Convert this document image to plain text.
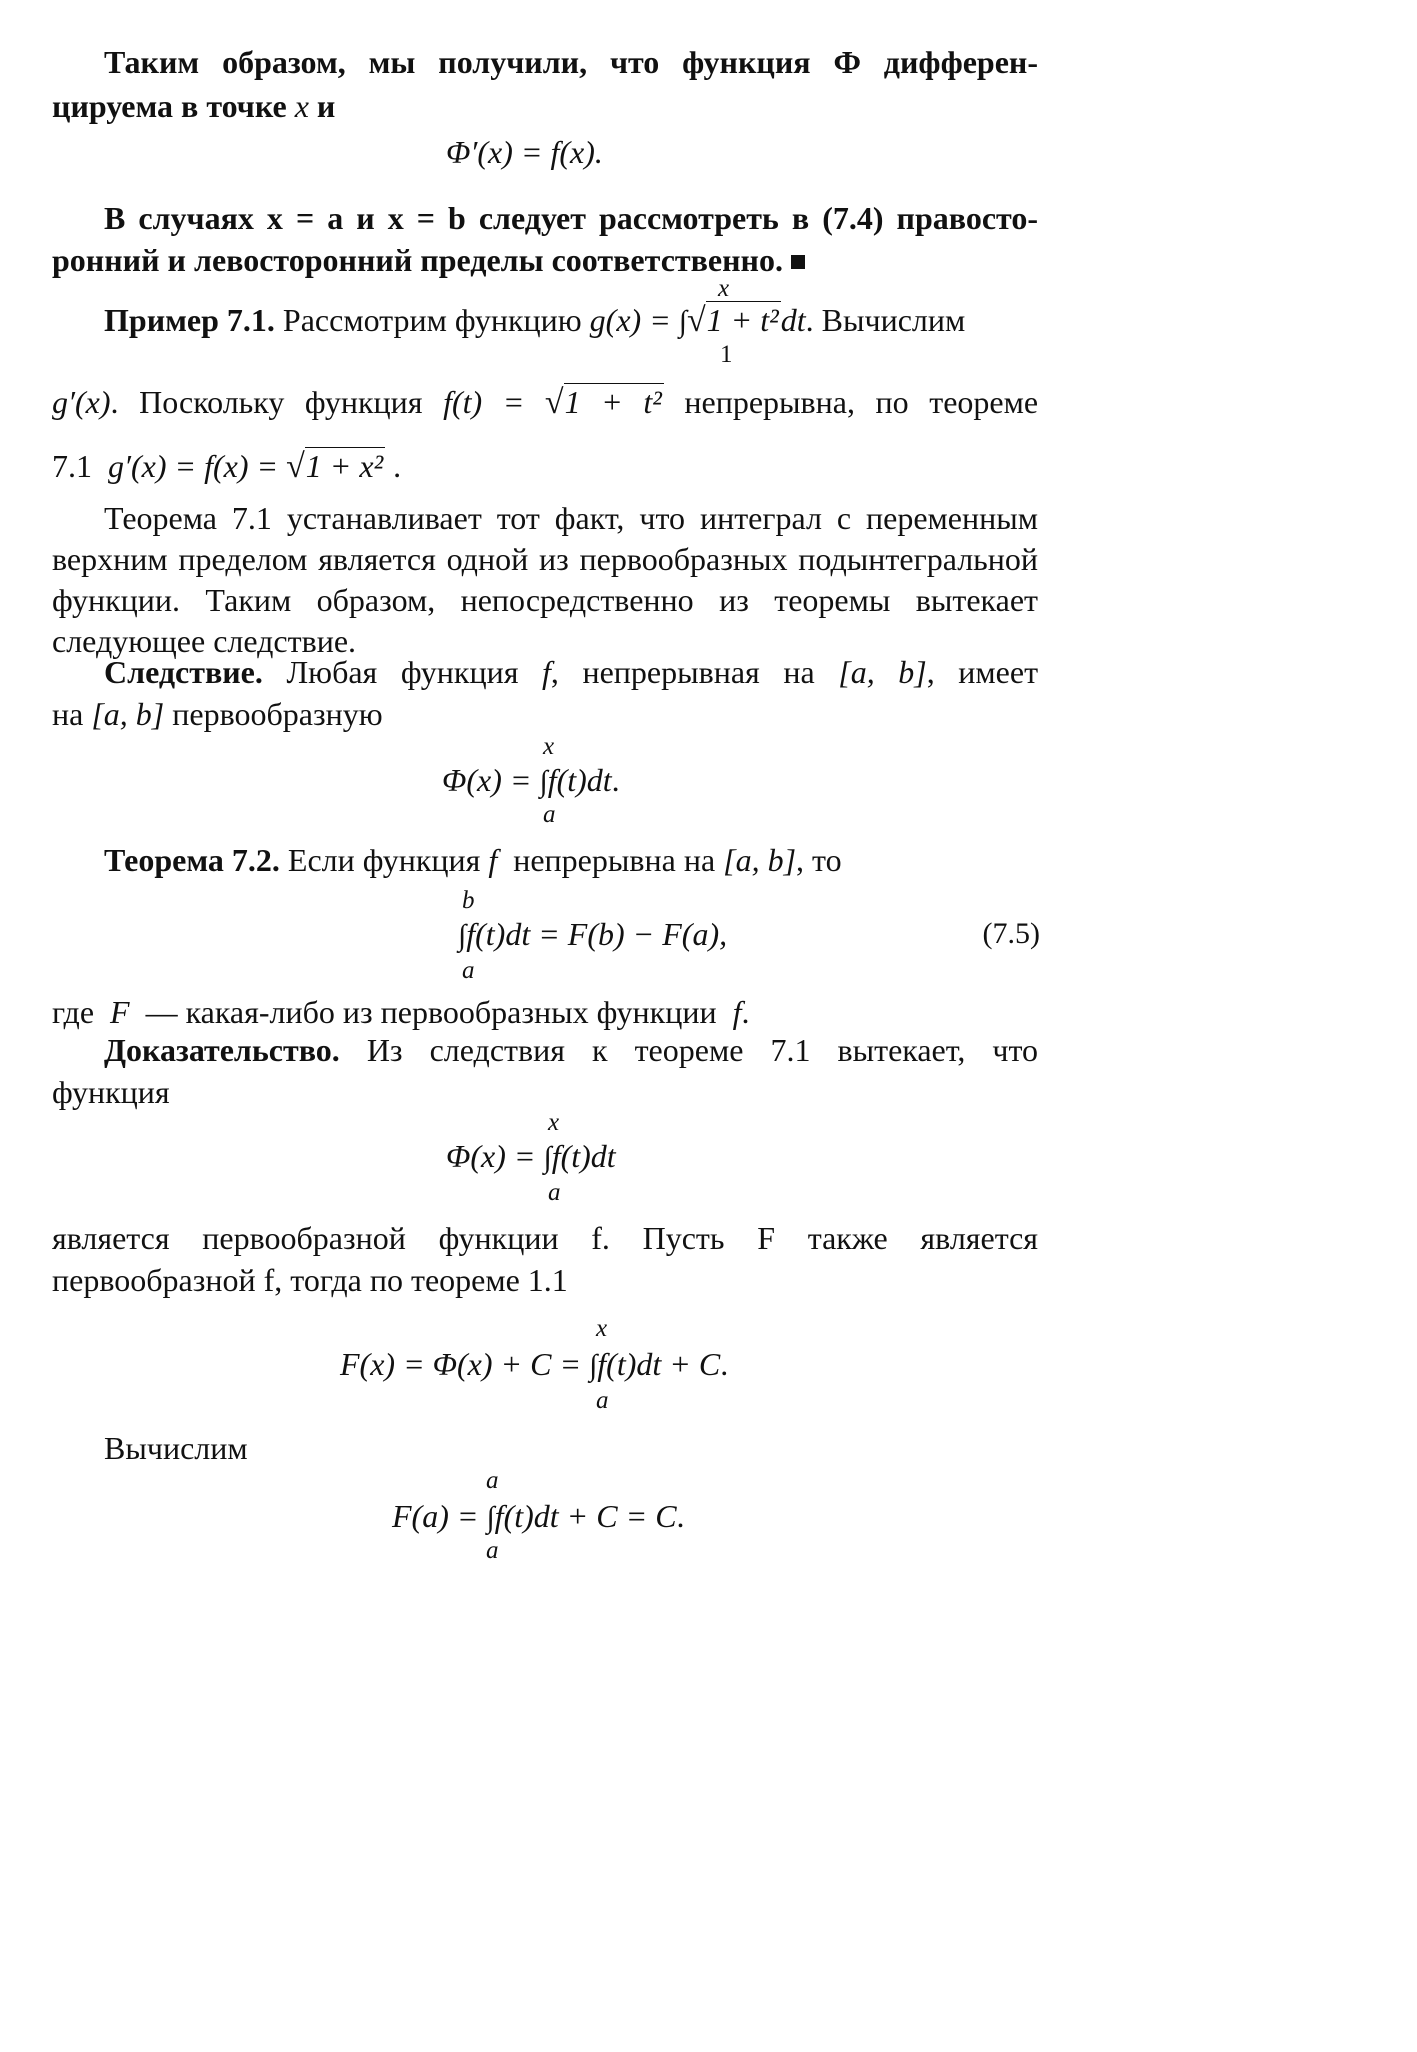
Таким образом, мы получили, что функция Ф дифферен-
цируема в точке x и
Φ′(x) = f(x).
В случаях x = a и x = b следует рассмотреть в (7.4) правосто-
ронний и левосторонний пределы соответственно.
Пример 7.1. Рассмотрим функцию g(x) = ∫√1 + t²dt. Вычислим
x
1
g′(x). Поскольку функция f(t) = √1 + t² непрерывна, по теореме
7.1 g′(x) = f(x) = √1 + x² .
Теорема 7.1 устанавливает тот факт, что интеграл с переменным верхним пределом является одной из первообразных подынтегральной функции. Таким образом, непосредственно из теоремы вытекает следующее следствие.
Следствие. Любая функция f, непрерывная на [a, b], имеет
на [a, b] первообразную
Φ(x) = ∫f(t)dt.
x
a
Теорема 7.2. Если функция f непрерывна на [a, b], то
∫f(t)dt = F(b) − F(a),
b
a
(7.5)
где F — какая-либо из первообразных функции f.
Доказательство. Из следствия к теореме 7.1 вытекает, что
функция
Φ(x) = ∫f(t)dt
x
a
является первообразной функции f. Пусть F также является
первообразной f, тогда по теореме 1.1
F(x) = Φ(x) + C = ∫f(t)dt + C.
x
a
Вычислим
F(a) = ∫f(t)dt + C = C.
a
a
